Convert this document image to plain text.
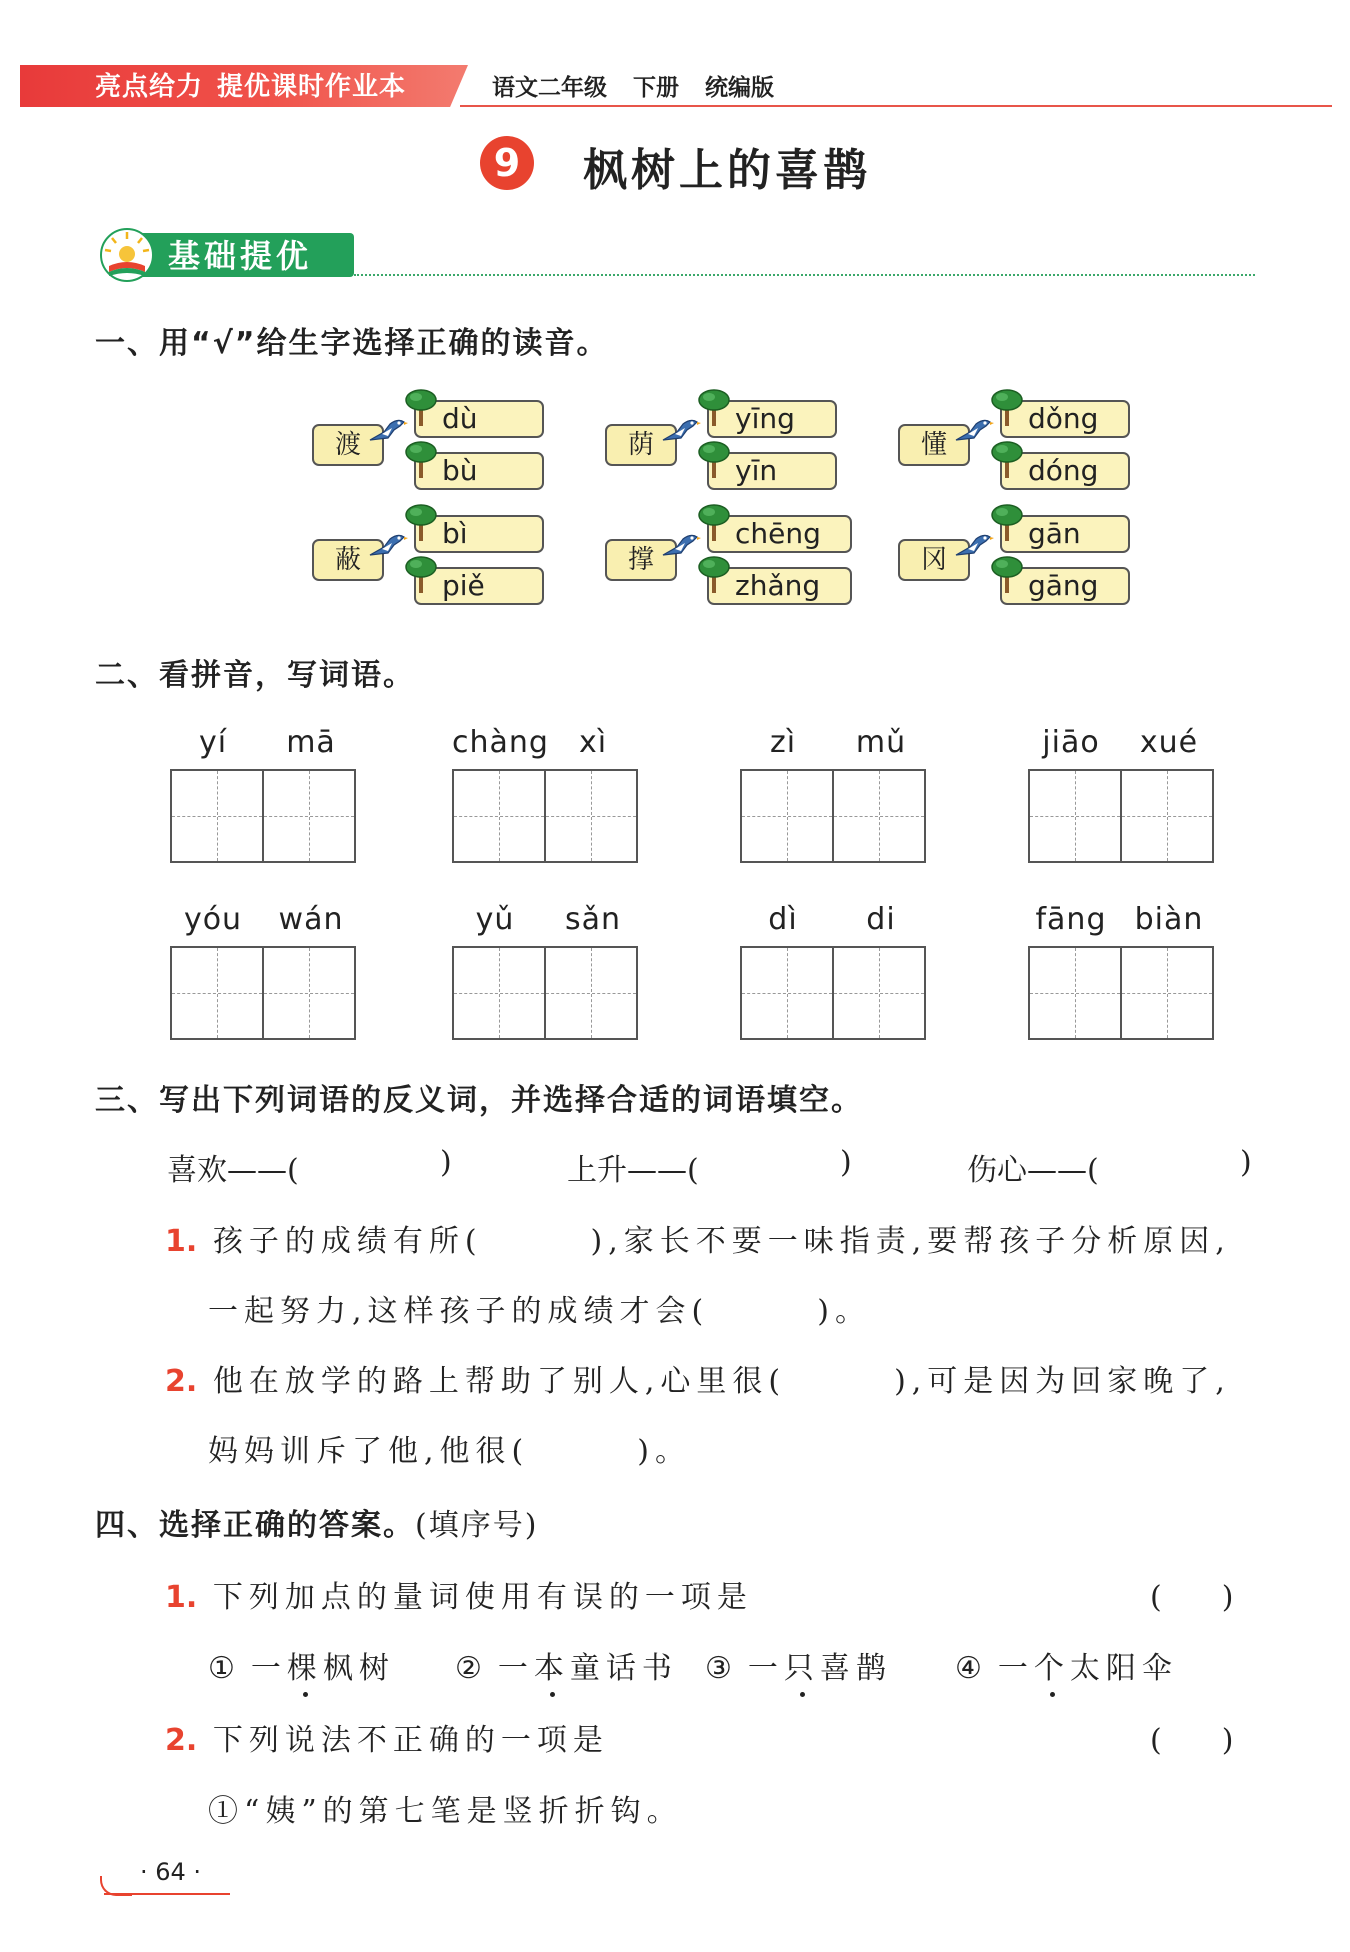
亮点给力 提优课时作业本	语文二年级 下册 统编版
9	枫树上的喜鹊
基础提优
一、用“√”给生字选择正确的读音。
渡
dù
bù
荫
yīng
yīn
懂
dǒng
dóng
蔽
bì
piě
撑
chēng
zhǎng
冈
gān
gāng
二、看拼音，写词语。
yí	mā	chàng	xì	zì	mǔ	jiāo	xué
yóu	wán	yǔ	sǎn	dì	di	fāng biàn
三、写出下列词语的反义词，并选择合适的词语填空。
喜欢——(	)	上升——(	)	伤心——(	)
1. 孩子的成绩有所(　　　),家长不要一味指责,要帮孩子分析原因,
一起努力,这样孩子的成绩才会(　　　)。
2. 他在放学的路上帮助了别人,心里很(　　　),可是因为回家晚了,
妈妈训斥了他,他很(　　　)。
四、选择正确的答案。(填序号)
1. 下列加点的量词使用有误的一项是	(　　)
① 一棵枫树 ② 一本童话书 ③ 一只喜鹊 ④ 一个太阳伞
2. 下列说法不正确的一项是	(　　)
①“姨”的第七笔是竖折折钩。
· 64 ·
